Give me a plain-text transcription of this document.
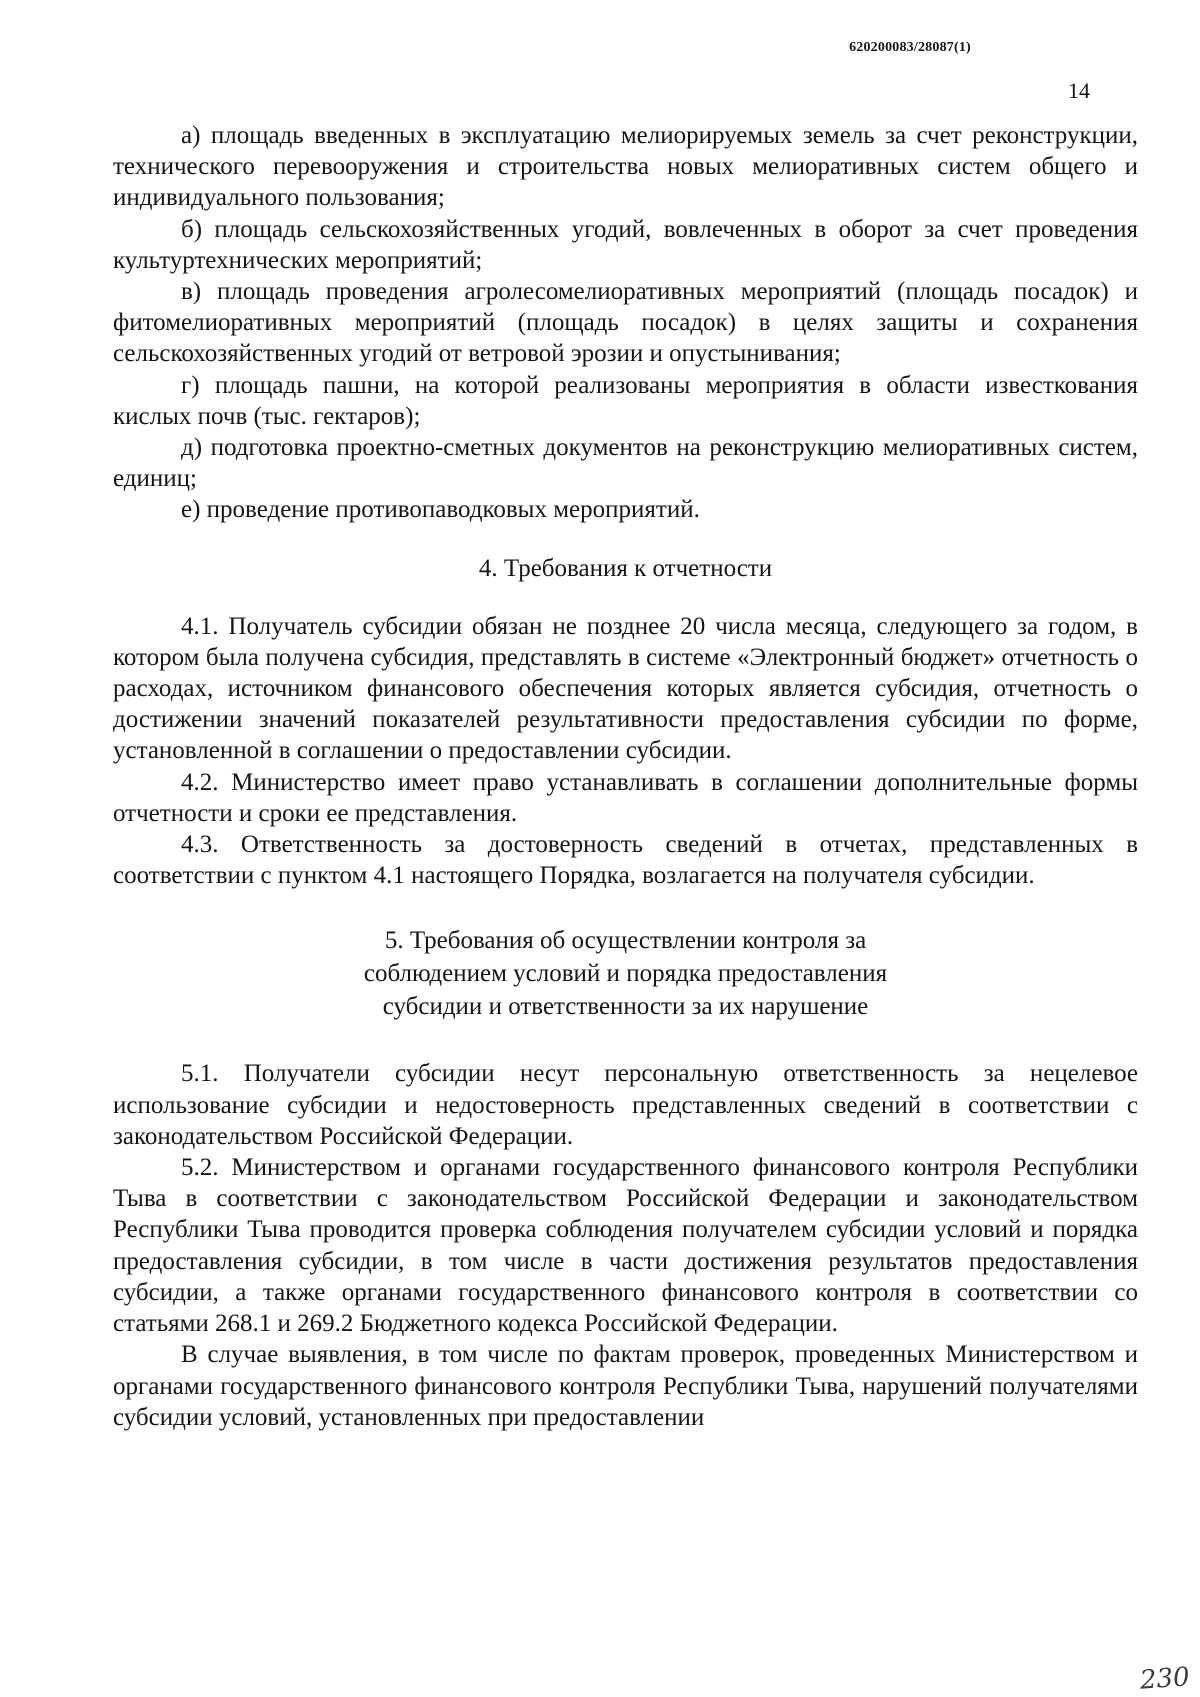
620200083/28087(1)
14

а) площадь введенных в эксплуатацию мелиорируемых земель за счет реконструкции, технического перевооружения и строительства новых мелиоративных систем общего и индивидуального пользования;

б) площадь сельскохозяйственных угодий, вовлеченных в оборот за счет проведения культуртехнических мероприятий;

в) площадь проведения агролесомелиоративных мероприятий (площадь посадок) и фитомелиоративных мероприятий (площадь посадок) в целях защиты и сохранения сельскохозяйственных угодий от ветровой эрозии и опустынивания;

г) площадь пашни, на которой реализованы мероприятия в области известкования кислых почв (тыс. гектаров);

д) подготовка проектно-сметных документов на реконструкцию мелиоративных систем, единиц;

е) проведение противопаводковых мероприятий.

4. Требования к отчетности

4.1. Получатель субсидии обязан не позднее 20 числа месяца, следующего за годом, в котором была получена субсидия, представлять в системе «Электронный бюджет» отчетность о расходах, источником финансового обеспечения которых является субсидия, отчетность о достижении значений показателей результативности предоставления субсидии по форме, установленной в соглашении о предоставлении субсидии.

4.2. Министерство имеет право устанавливать в соглашении дополнительные формы отчетности и сроки ее представления.

4.3. Ответственность за достоверность сведений в отчетах, представленных в соответствии с пунктом 4.1 настоящего Порядка, возлагается на получателя субсидии.

5. Требования об осуществлении контроля за соблюдением условий и порядка предоставления субсидии и ответственности за их нарушение

5.1. Получатели субсидии несут персональную ответственность за нецелевое использование субсидии и недостоверность представленных сведений в соответствии с законодательством Российской Федерации.

5.2. Министерством и органами государственного финансового контроля Республики Тыва в соответствии с законодательством Российской Федерации и законодательством Республики Тыва проводится проверка соблюдения получателем субсидии условий и порядка предоставления субсидии, в том числе в части достижения результатов предоставления субсидии, а также органами государственного финансового контроля в соответствии со статьями 268.1 и 269.2 Бюджетного кодекса Российской Федерации.

В случае выявления, в том числе по фактам проверок, проведенных Министерством и органами государственного финансового контроля Республики Тыва, нарушений получателями субсидии условий, установленных при предоставлении

230
